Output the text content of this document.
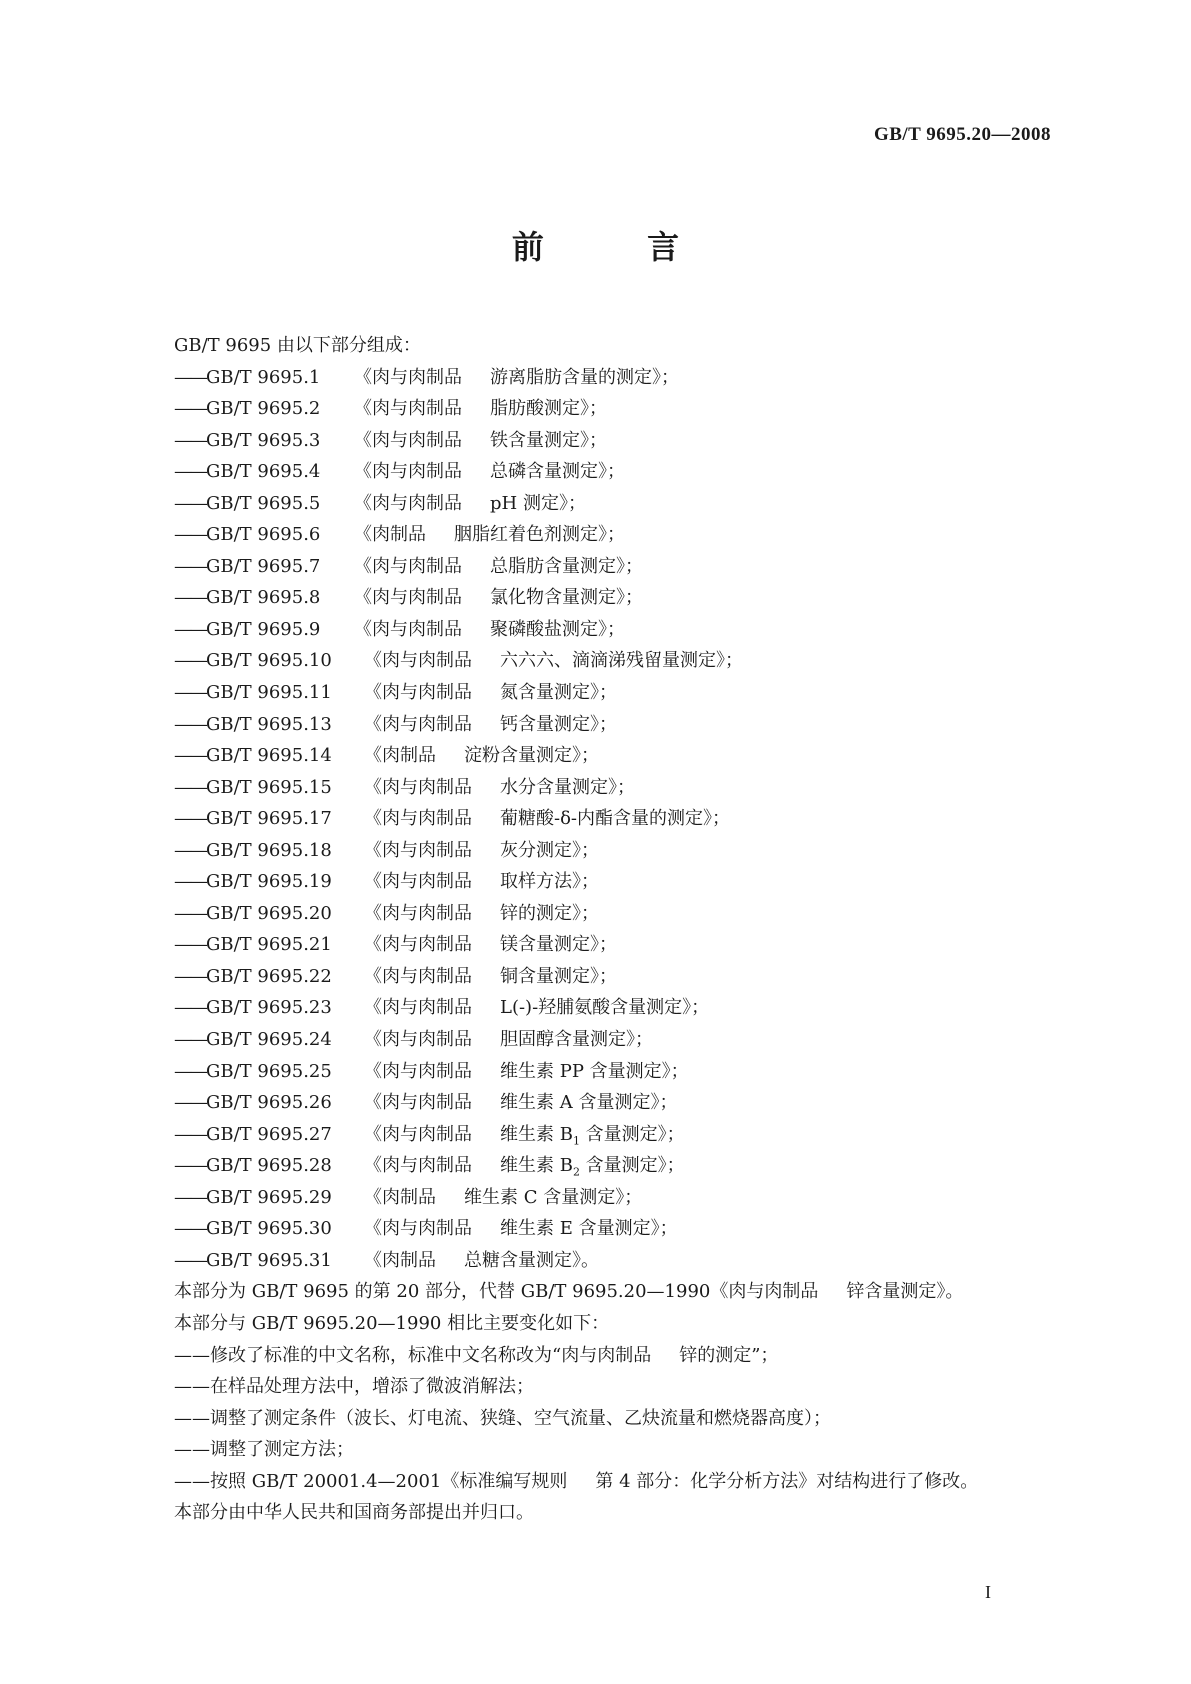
GB/T 9695.20—2008
前 言
GB/T 9695 由以下部分组成：
——GB/T 9695.1 《肉与肉制品 游离脂肪含量的测定》；
——GB/T 9695.2 《肉与肉制品 脂肪酸测定》；
——GB/T 9695.3 《肉与肉制品 铁含量测定》；
——GB/T 9695.4 《肉与肉制品 总磷含量测定》；
——GB/T 9695.5 《肉与肉制品 pH 测定》；
——GB/T 9695.6 《肉制品 胭脂红着色剂测定》；
——GB/T 9695.7 《肉与肉制品 总脂肪含量测定》；
——GB/T 9695.8 《肉与肉制品 氯化物含量测定》；
——GB/T 9695.9 《肉与肉制品 聚磷酸盐测定》；
——GB/T 9695.10 《肉与肉制品 六六六、滴滴涕残留量测定》；
——GB/T 9695.11 《肉与肉制品 氮含量测定》；
——GB/T 9695.13 《肉与肉制品 钙含量测定》；
——GB/T 9695.14 《肉制品 淀粉含量测定》；
——GB/T 9695.15 《肉与肉制品 水分含量测定》；
——GB/T 9695.17 《肉与肉制品 葡糖酸-δ-内酯含量的测定》；
——GB/T 9695.18 《肉与肉制品 灰分测定》；
——GB/T 9695.19 《肉与肉制品 取样方法》；
——GB/T 9695.20 《肉与肉制品 锌的测定》；
——GB/T 9695.21 《肉与肉制品 镁含量测定》；
——GB/T 9695.22 《肉与肉制品 铜含量测定》；
——GB/T 9695.23 《肉与肉制品 L(-)-羟脯氨酸含量测定》；
——GB/T 9695.24 《肉与肉制品 胆固醇含量测定》；
——GB/T 9695.25 《肉与肉制品 维生素 PP 含量测定》；
——GB/T 9695.26 《肉与肉制品 维生素 A 含量测定》；
——GB/T 9695.27 《肉与肉制品 维生素 $B_1$ 含量测定》；
——GB/T 9695.28 《肉与肉制品 维生素 $B_2$ 含量测定》；
——GB/T 9695.29 《肉制品 维生素 C 含量测定》；
——GB/T 9695.30 《肉与肉制品 维生素 E 含量测定》；
——GB/T 9695.31 《肉制品 总糖含量测定》。
本部分为 GB/T 9695 的第 20 部分，代替 GB/T 9695.20—1990《肉与肉制品 锌含量测定》。
本部分与 GB/T 9695.20—1990 相比主要变化如下：
——修改了标准的中文名称，标准中文名称改为“肉与肉制品 锌的测定”；
——在样品处理方法中，增添了微波消解法；
——调整了测定条件（波长、灯电流、狭缝、空气流量、乙炔流量和燃烧器高度）；
——调整了测定方法；
——按照 GB/T 20001.4—2001《标准编写规则 第 4 部分：化学分析方法》对结构进行了修改。
本部分由中华人民共和国商务部提出并归口。
I
